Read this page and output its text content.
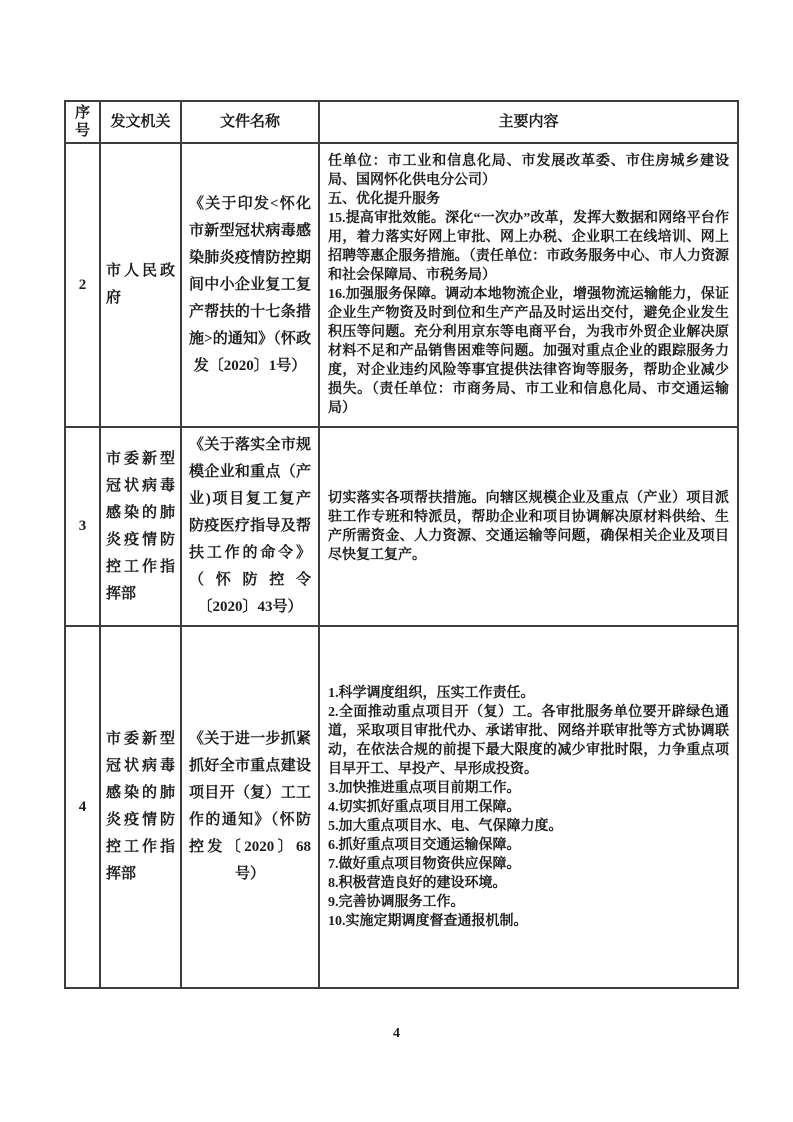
序号	发文机关	文件名称	主要内容
2	市人民政府	《关于印发<怀化市新型冠状病毒感染肺炎疫情防控期间中小企业复工复产帮扶的十七条措施>的通知》（怀政发〔2020〕1号）	任单位：市工业和信息化局、市发展改革委、市住房城乡建设局、国网怀化供电分公司）
五、优化提升服务
15.提高审批效能。深化“一次办”改革，发挥大数据和网络平台作用，着力落实好网上审批、网上办税、企业职工在线培训、网上招聘等惠企服务措施。（责任单位：市政务服务中心、市人力资源和社会保障局、市税务局）
16.加强服务保障。调动本地物流企业，增强物流运输能力，保证企业生产物资及时到位和生产产品及时运出交付，避免企业发生积压等问题。充分利用京东等电商平台，为我市外贸企业解决原材料不足和产品销售困难等问题。加强对重点企业的跟踪服务力度，对企业违约风险等事宜提供法律咨询等服务，帮助企业减少损失。（责任单位：市商务局、市工业和信息化局、市交通运输局）

3	市委新型冠状病毒感染的肺炎疫情防控工作指挥部	《关于落实全市规模企业和重点（产业)项目复工复产防疫医疗指导及帮扶工作的命令》（怀防控令〔2020〕43号）	切实落实各项帮扶措施。向辖区规模企业及重点（产业）项目派驻工作专班和特派员，帮助企业和项目协调解决原材料供给、生产所需资金、人力资源、交通运输等问题，确保相关企业及项目尽快复工复产。

4	市委新型冠状病毒感染的肺炎疫情防控工作指挥部	《关于进一步抓紧抓好全市重点建设项目开（复）工工作的通知》（怀防控发〔2020〕68号）	
1.科学调度组织，压实工作责任。
2.全面推动重点项目开（复）工。各审批服务单位要开辟绿色通道，采取项目审批代办、承诺审批、网络并联审批等方式协调联动，在依法合规的前提下最大限度的减少审批时限，力争重点项目早开工、早投产、早形成投资。
3.加快推进重点项目前期工作。
4.切实抓好重点项目用工保障。
5.加大重点项目水、电、气保障力度。
6.抓好重点项目交通运输保障。
7.做好重点项目物资供应保障。
8.积极营造良好的建设环境。
9.完善协调服务工作。
10.实施定期调度督查通报机制。
4
